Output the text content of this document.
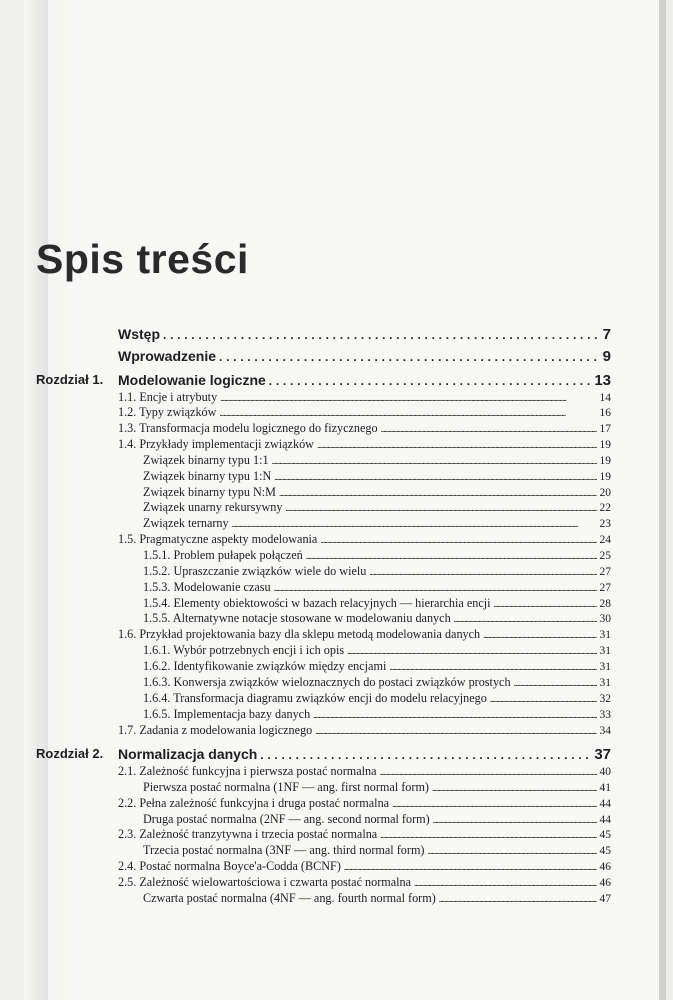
Spis treści
Wstęp . . .	7
Wprowadzenie . . .	9
Rozdział 1. Modelowanie logiczne . . .	13
1.1. Encje i atrybuty . . .	14
1.2. Typy związków . . .	16
1.3. Transformacja modelu logicznego do fizycznego . . .	17
1.4. Przykłady implementacji związków . . .	19
Związek binarny typu 1:1 . . .	19
Związek binarny typu 1:N . . .	19
Związek binarny typu N:M . . .	20
Związek unarny rekursywny . . .	22
Związek ternarny . . .	23
1.5. Pragmatyczne aspekty modelowania . . .	24
1.5.1. Problem pułapek połączeń . . .	25
1.5.2. Upraszczanie związków wiele do wielu . . .	27
1.5.3. Modelowanie czasu . . .	27
1.5.4. Elementy obiektowości w bazach relacyjnych — hierarchia encji . . .	28
1.5.5. Alternatywne notacje stosowane w modelowaniu danych . . .	30
1.6. Przykład projektowania bazy dla sklepu metodą modelowania danych . . .	31
1.6.1. Wybór potrzebnych encji i ich opis . . .	31
1.6.2. Identyfikowanie związków między encjami . . .	31
1.6.3. Konwersja związków wieloznacznych do postaci związków prostych . . .	31
1.6.4. Transformacja diagramu związków encji do modelu relacyjnego . . .	32
1.6.5. Implementacja bazy danych . . .	33
1.7. Zadania z modelowania logicznego . . .	34
Rozdział 2. Normalizacja danych . . .	37
2.1. Zależność funkcyjna i pierwsza postać normalna . . .	40
Pierwsza postać normalna (1NF — ang. first normal form) . . .	41
2.2. Pełna zależność funkcyjna i druga postać normalna . . .	44
Druga postać normalna (2NF — ang. second normal form) . . .	44
2.3. Zależność tranzytywna i trzecia postać normalna . . .	45
Trzecia postać normalna (3NF — ang. third normal form) . . .	45
2.4. Postać normalna Boyce'a-Codda (BCNF) . . .	46
2.5. Zależność wielowartościowa i czwarta postać normalna . . .	46
Czwarta postać normalna (4NF — ang. fourth normal form) . . .	47
